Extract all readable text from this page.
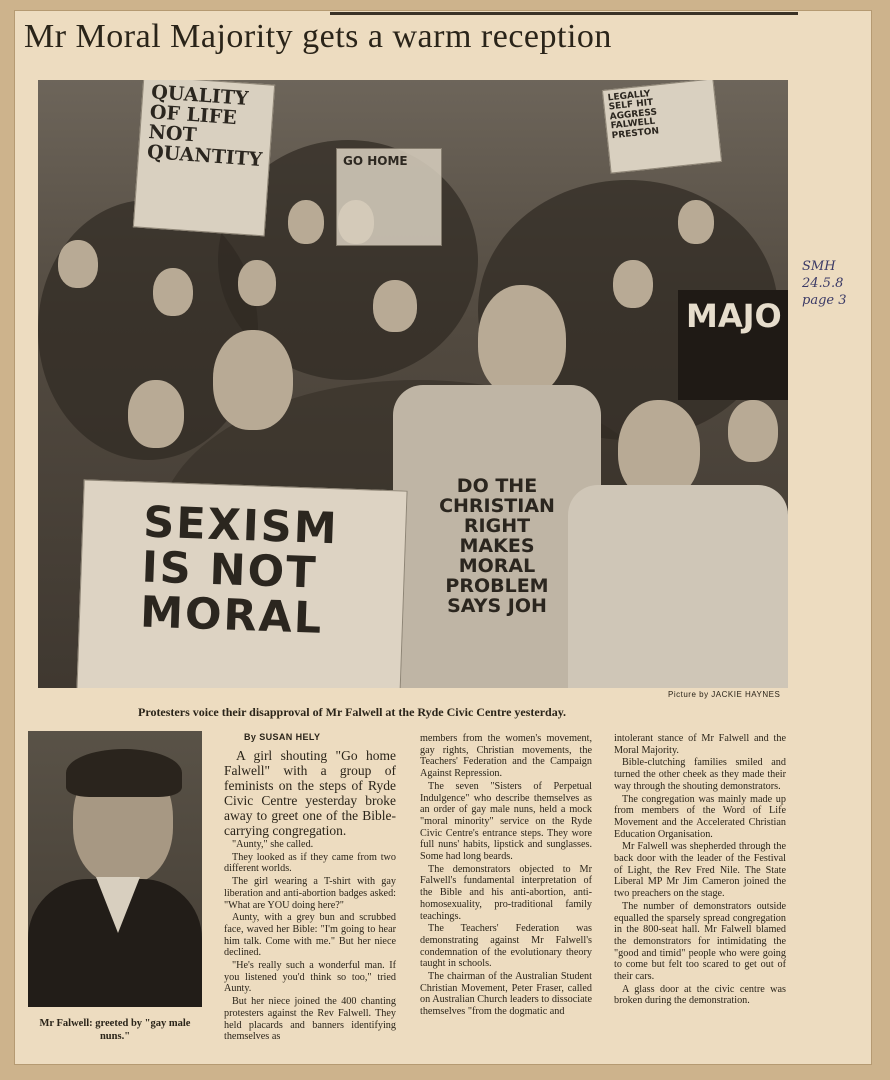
Mr Moral Majority gets a warm reception
QUALITY
OF LIFE
NOT
QUANTITY	GO HOME
LEGALLY
SELF HIT
AGGRESS
FALWELL
PRESTON
MAJO
DO THE
CHRISTIAN
RIGHT
MAKES
MORAL
PROBLEM
SAYS JOH
SEXISM
IS NOT
MORAL
Picture by JACKIE HAYNES
Protesters voice their disapproval of Mr Falwell at the Ryde Civic Centre yesterday.
Mr Falwell: greeted by "gay male nuns."
By SUSAN HELY

A girl shouting "Go home Falwell" with a group of feminists on the steps of Ryde Civic Centre yesterday broke away to greet one of the Bible-carrying congregation.

"Aunty," she called.

They looked as if they came from two different worlds.

The girl wearing a T-shirt with gay liberation and anti-abortion badges asked: "What are YOU doing here?"

Aunty, with a grey bun and scrubbed face, waved her Bible: "I'm going to hear him talk. Come with me." But her niece declined.

"He's really such a wonderful man. If you listened you'd think so too," tried Aunty.

But her niece joined the 400 chanting protesters against the Rev Falwell. They held placards and banners identifying themselves as

members from the women's movement, gay rights, Christian movements, the Teachers' Federation and the Campaign Against Repression.

The seven "Sisters of Perpetual Indulgence" who describe themselves as an order of gay male nuns, held a mock "moral minority" service on the Ryde Civic Centre's entrance steps. They wore full nuns' habits, lipstick and sunglasses. Some had long beards.

The demonstrators objected to Mr Falwell's fundamental interpretation of the Bible and his anti-abortion, anti-homosexuality, pro-traditional family teachings.

The Teachers' Federation was demonstrating against Mr Falwell's condemnation of the evolutionary theory taught in schools.

The chairman of the Australian Student Christian Movement, Peter Fraser, called on Australian Church leaders to dissociate themselves "from the dogmatic and

intolerant stance of Mr Falwell and the Moral Majority.

Bible-clutching families smiled and turned the other cheek as they made their way through the shouting demonstrators.

The congregation was mainly made up from members of the Word of Life Movement and the Accelerated Christian Education Organisation.

Mr Falwell was shepherded through the back door with the leader of the Festival of Light, the Rev Fred Nile. The State Liberal MP Mr Jim Cameron joined the two preachers on the stage.

The number of demonstrators outside equalled the sparsely spread congregation in the 800-seat hall. Mr Falwell blamed the demonstrators for intimidating the "good and timid" people who were going to come but felt too scared to get out of their cars.

A glass door at the civic centre was broken during the demonstration.

SMH
24.5.8
page 3
